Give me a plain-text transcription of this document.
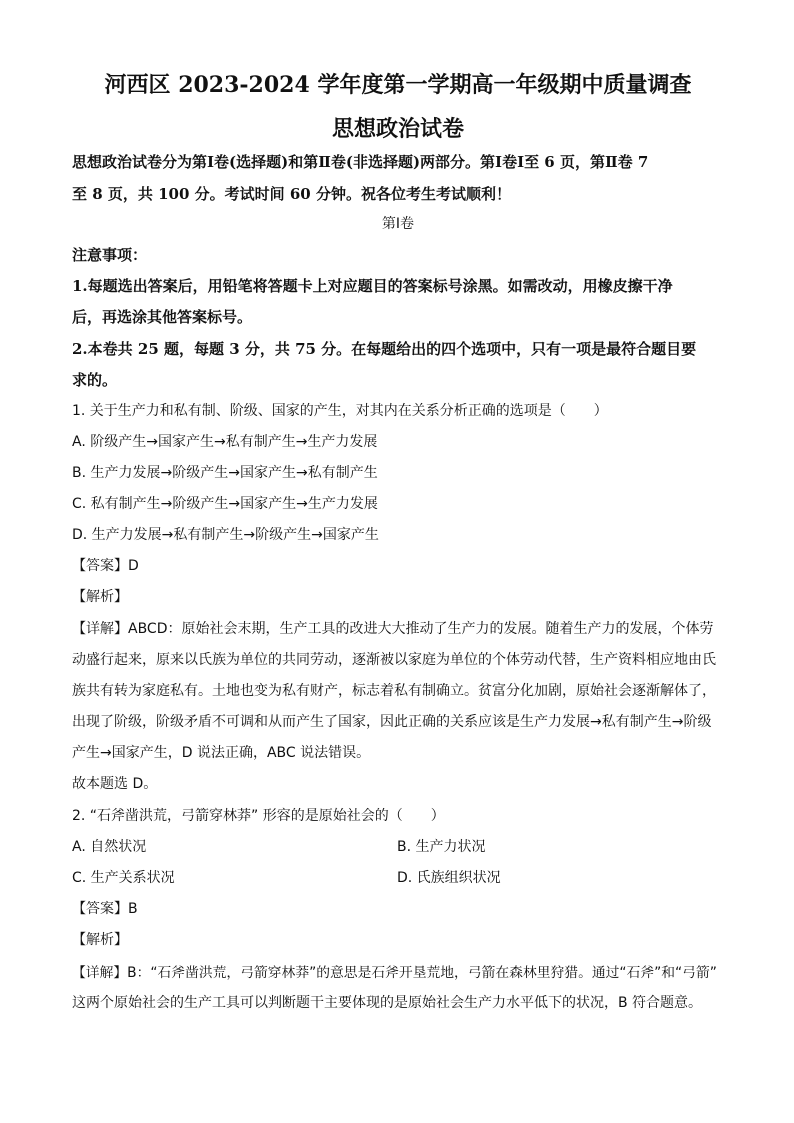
河西区 2023-2024 学年度第一学期高一年级期中质量调查
思想政治试卷
思想政治试卷分为第Ⅰ卷(选择题)和第Ⅱ卷(非选择题)两部分。第Ⅰ卷Ⅰ至 6 页，第Ⅱ卷 7
至 8 页，共 100 分。考试时间 60 分钟。祝各位考生考试顺利！
第Ⅰ卷
注意事项：
1.每题选出答案后，用铅笔将答题卡上对应题目的答案标号涂黑。如需改动，用橡皮擦干净
后，再选涂其他答案标号。
2.本卷共 25 题，每题 3 分，共 75 分。在每题给出的四个选项中，只有一项是最符合题目要
求的。
1. 关于生产力和私有制、阶级、国家的产生，对其内在关系分析正确的选项是（　　）
A. 阶级产生→国家产生→私有制产生→生产力发展
B. 生产力发展→阶级产生→国家产生→私有制产生
C. 私有制产生→阶级产生→国家产生→生产力发展
D. 生产力发展→私有制产生→阶级产生→国家产生
【答案】D
【解析】
【详解】ABCD：原始社会末期，生产工具的改进大大推动了生产力的发展。随着生产力的发展，个体劳
动盛行起来，原来以氏族为单位的共同劳动，逐渐被以家庭为单位的个体劳动代替，生产资料相应地由氏
族共有转为家庭私有。土地也变为私有财产，标志着私有制确立。贫富分化加剧，原始社会逐渐解体了，
出现了阶级，阶级矛盾不可调和从而产生了国家，因此正确的关系应该是生产力发展→私有制产生→阶级
产生→国家产生，D 说法正确，ABC 说法错误。
故本题选 D。
2. “石斧凿洪荒，弓箭穿林莽” 形容的是原始社会的（　　）
A. 自然状况	B. 生产力状况
C. 生产关系状况	D. 氏族组织状况
【答案】B
【解析】
【详解】B：“石斧凿洪荒，弓箭穿林莽”的意思是石斧开垦荒地，弓箭在森林里狩猎。通过“石斧”和“弓箭”
这两个原始社会的生产工具可以判断题干主要体现的是原始社会生产力水平低下的状况，B 符合题意。
